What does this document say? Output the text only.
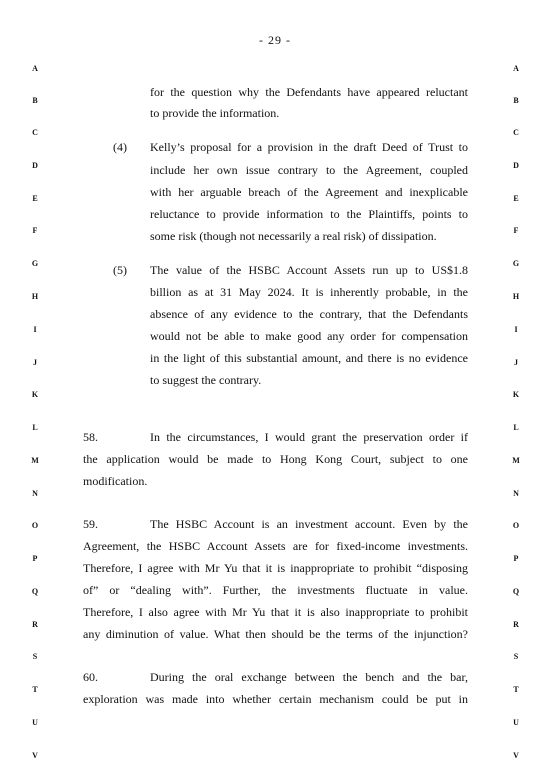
- 29 -
A
B
C
D
E
F
G
H
I
J
K
L
M
N
O
P
Q
R
S
T
U
V
A
B
C
D
E
F
G
H
I
J
K
L
M
N
O
P
Q
R
S
T
U
V
for the question why the Defendants have appeared reluctant
to provide the information.
(4) Kelly’s proposal for a provision in the draft Deed of Trust to
include her own issue contrary to the Agreement, coupled
with her arguable breach of the Agreement and inexplicable
reluctance to provide information to the Plaintiffs, points to
some risk (though not necessarily a real risk) of dissipation.
(5) The value of the HSBC Account Assets run up to US$1.8
billion as at 31 May 2024. It is inherently probable, in the
absence of any evidence to the contrary, that the Defendants
would not be able to make good any order for compensation
in the light of this substantial amount, and there is no evidence
to suggest the contrary.
58.	In the circumstances, I would grant the preservation order if
the application would be made to Hong Kong Court, subject to one
modification.
59.	The HSBC Account is an investment account. Even by the
Agreement, the HSBC Account Assets are for fixed-income investments.
Therefore, I agree with Mr Yu that it is inappropriate to prohibit “disposing
of” or “dealing with”. Further, the investments fluctuate in value.
Therefore, I also agree with Mr Yu that it is also inappropriate to prohibit
any diminution of value. What then should be the terms of the injunction?
60.	During the oral exchange between the bench and the bar,
exploration was made into whether certain mechanism could be put in
